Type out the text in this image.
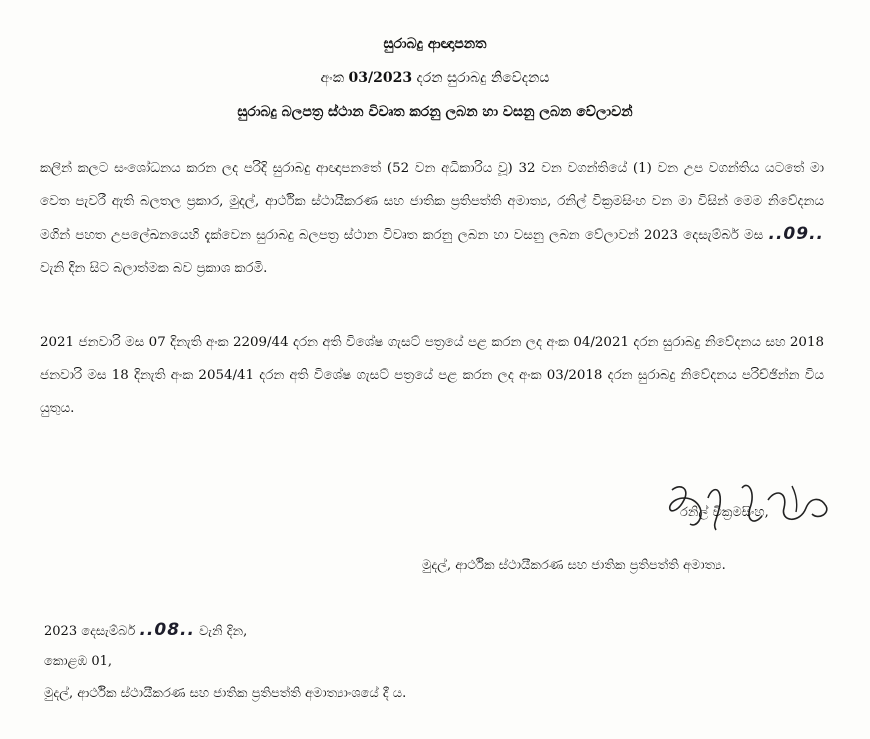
සුරාබදු ආඥාපනත
අංක 03/2023 දරන සුරාබදු නිවේදනය
සුරාබදු බලපත්‍ර ස්ථාන විවෘත කරනු ලබන හා වසනු ලබන වේලාවන්
කලින් කලට සංශෝධනය කරන ලද පරිදි සුරාබදු ආඥාපනතේ (52 වන අධිකාරිය වූ) 32 වන වගන්තියේ (1) වන උප වගන්තිය යටතේ මා වෙත පැවරී ඇති බලතල ප්‍රකාර, මුදල්, ආර්ථික ස්ථායීකරණ සහ ජාතික ප්‍රතිපත්ති අමාත්‍ය, රනිල් වික්‍රමසිංහ වන මා විසින් මෙම නිවේදනය මගින් පහත උපලේඛනයෙහි දැක්වෙන සුරාබදු බලපත්‍ර ස්ථාන විවෘත කරනු ලබන හා වසනු ලබන වේලාවන් 2023 දෙසැම්බර් මස ..09.. වැනි දින සිට බලාත්මක බව ප්‍රකාශ කරමි.
2021 ජනවාරි මස 07 දිනැති අංක 2209/44 දරන අති විශේෂ ගැසට් පත්‍රයේ පළ කරන ලද අංක 04/2021 දරන සුරාබදු නිවේදනය සහ 2018 ජනවාරි මස 18 දිනැති අංක 2054/41 දරන අති විශේෂ ගැසට් පත්‍රයේ පළ කරන ලද අංක 03/2018 දරන සුරාබදු නිවේදනය පරිච්ඡින්න විය යුතුය.
රනිල් වික්‍රමසිංහ,
මුදල්, ආර්ථික ස්ථායීකරණ සහ ජාතික ප්‍රතිපත්ති අමාත්‍ය.
2023 දෙසැම්බර් ..08.. වැනි දින,
කොළඹ 01,
මුදල්, ආර්ථික ස්ථායීකරණ සහ ජාතික ප්‍රතිපත්ති අමාත්‍යාංශයේ දී ය.
